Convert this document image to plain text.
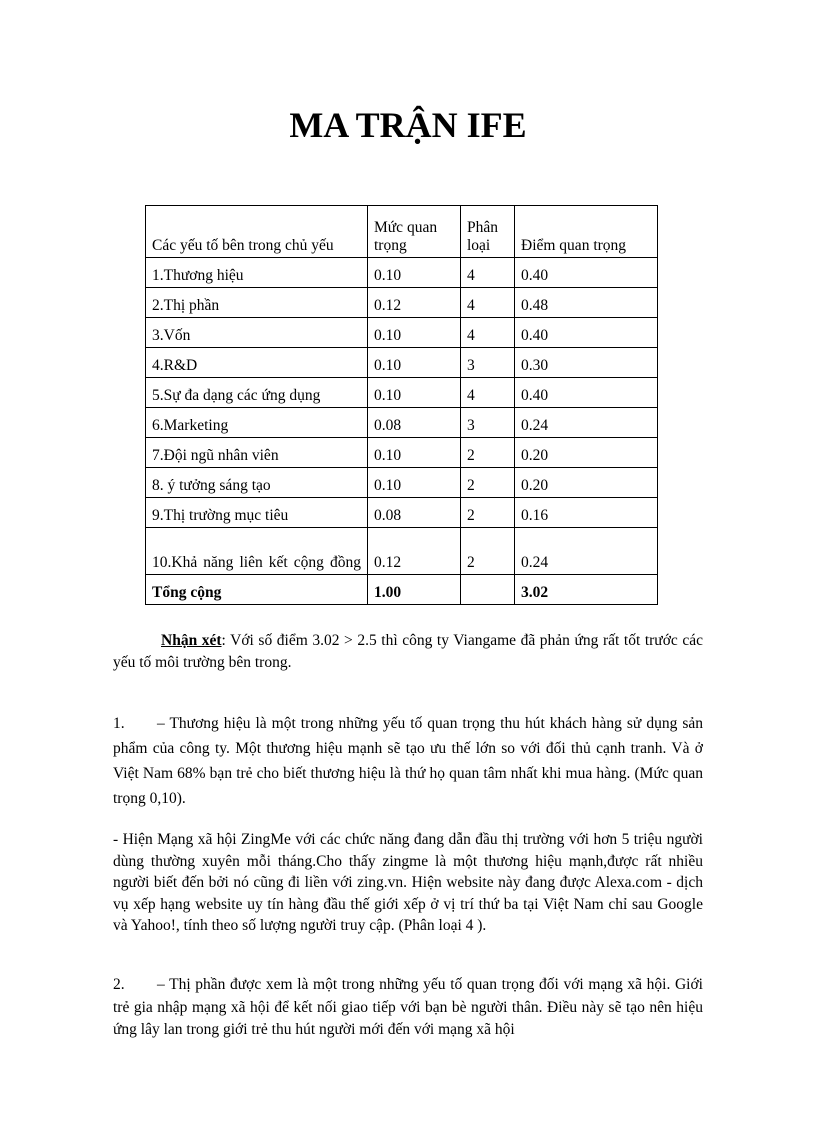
MA TRẬN IFE
Các yếu tố bên trong chủ yếu	Mức quan trọng	Phân loại	Điểm quan trọng
1.Thương hiệu	0.10	4	0.40
2.Thị phần	0.12	4	0.48
3.Vốn	0.10	4	0.40
4.R&D	0.10	3	0.30
5.Sự đa dạng các ứng dụng	0.10	4	0.40
6.Marketing	0.08	3	0.24
7.Đội ngũ nhân viên	0.10	2	0.20
8. ý tưởng sáng tạo	0.10	2	0.20
9.Thị trường mục tiêu	0.08	2	0.16
10.Khả năng liên kết cộng đồng	0.12	2	0.24
Tổng cộng	1.00		3.02
Nhận xét: Với số điểm 3.02 > 2.5 thì công ty Viangame đã phản ứng rất tốt trước các yếu tố môi trường bên trong.
1. – Thương hiệu là một trong những yếu tố quan trọng thu hút khách hàng sử dụng sản phẩm của công ty. Một thương hiệu mạnh sẽ tạo ưu thế lớn so với đối thủ cạnh tranh. Và ở Việt Nam 68% bạn trẻ cho biết thương hiệu là thứ họ quan tâm nhất khi mua hàng. (Mức quan trọng 0,10).
- Hiện Mạng xã hội ZingMe với các chức năng đang dẫn đầu thị trường với hơn 5 triệu người dùng thường xuyên mỗi tháng.Cho thấy zingme là một thương hiệu mạnh,được rất nhiều người biết đến bởi nó cũng đi liền với zing.vn. Hiện website này đang được Alexa.com - dịch vụ xếp hạng website uy tín hàng đầu thế giới xếp ở vị trí thứ ba tại Việt Nam chỉ sau Google và Yahoo!, tính theo số lượng người truy cập. (Phân loại 4 ).
2. – Thị phần được xem là một trong những yếu tố quan trọng đối với mạng xã hội. Giới trẻ gia nhập mạng xã hội để kết nối giao tiếp với bạn bè người thân. Điều này sẽ tạo nên hiệu ứng lây lan trong giới trẻ thu hút người mới đến với mạng xã hội
